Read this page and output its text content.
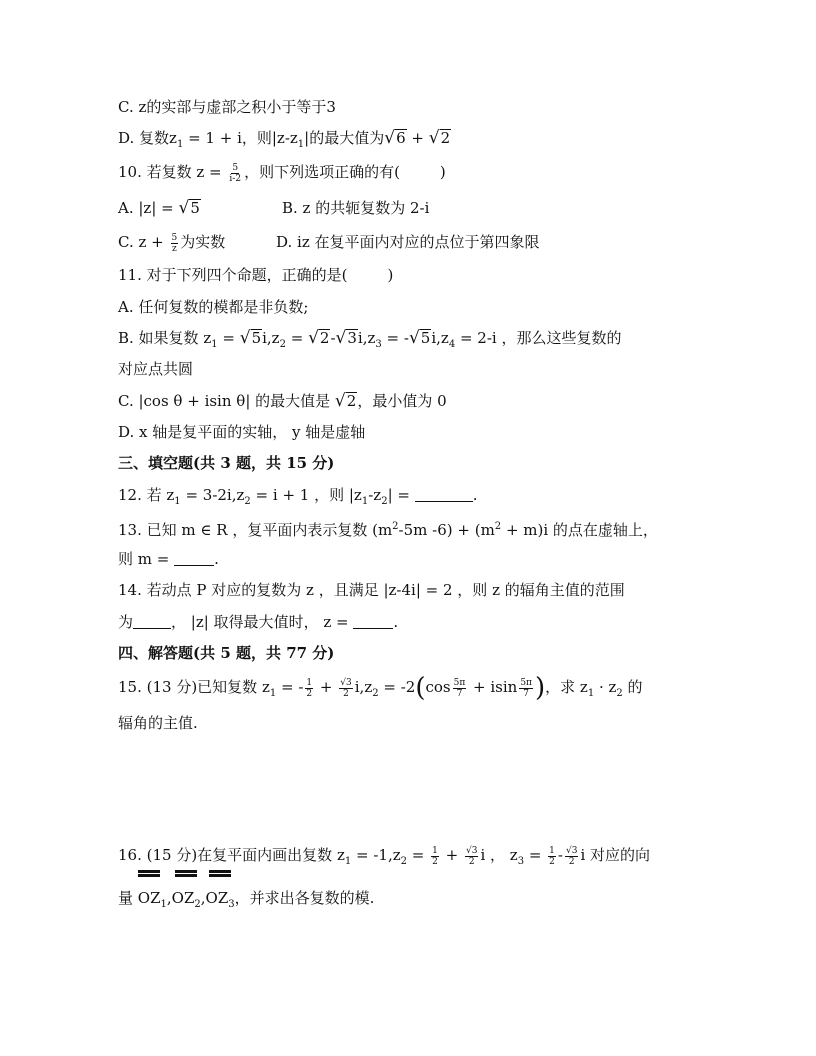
C. z的实部与虚部之积小于等于3
D. 复数$z_1 = 1 + i$，则$|z-z_1|$的最大值为 √ 6 + √ 2
10. 若复数 $z = \frac{5}{i-2}$ ，则下列选项正确的有(	)
A. |z| = √ 5	B. z 的共轭复数为 2-i
C. $z + \frac{5}{z}$ 为实数	D. iz 在复平面内对应的点位于第四象限
11. 对于下列四个命题，正确的是(	)
A. 任何复数的模都是非负数;
B. 如果复数 $z_1$ = √ 5 $i,z_2$ = √ 2 - √ 3 $i,z_3$ = - √ 5 $i,z_4 = 2-i$ ，那么这些复数的
对应点共圆
C. |cos θ + isin θ| 的最大值是 √ 2 ，最小值为 0
D. x 轴是复平面的实轴， y 轴是虚轴
三、填空题(共 3 题，共 15 分)
12. 若 $z_1 = 3-2i,z_2 = i + 1$ ，则 $|z_1-z_2|$ =	.
13. 已知 m ∈ R ，复平面内表示复数 ($m^2-5m$ $-6) + (m^2 + m)i$ 的点在虚轴上，
则 m =	.
14. 若动点 P 对应的复数为 z ，且满足 |z-4i| = 2 ，则 z 的辐角主值的范围
为	， |z| 取得最大值时， z =	.
四、解答题(共 5 题，共 77 分)
15. (13 分)已知复数 $z_1$ = - $\frac{1}{2} + \frac{√3}{2} i,z_2 = -2(\cos \frac{5\pi}{7} + isin \frac{5\pi}{7}$ )，求 $z_1 \cdot z_2$ 的
辐角的主值.
16. (15 分)在复平面内画出复数 $z_1 = -1,z_2 = \frac{1}{2} + \frac{√3}{2}$ i ， $z_3 = \frac{1}{2} - \frac{√3}{2}$ i 对应的向
量
$OZ_1$
$,OZ_2$
$,OZ_3$，并求出各复数的模.
